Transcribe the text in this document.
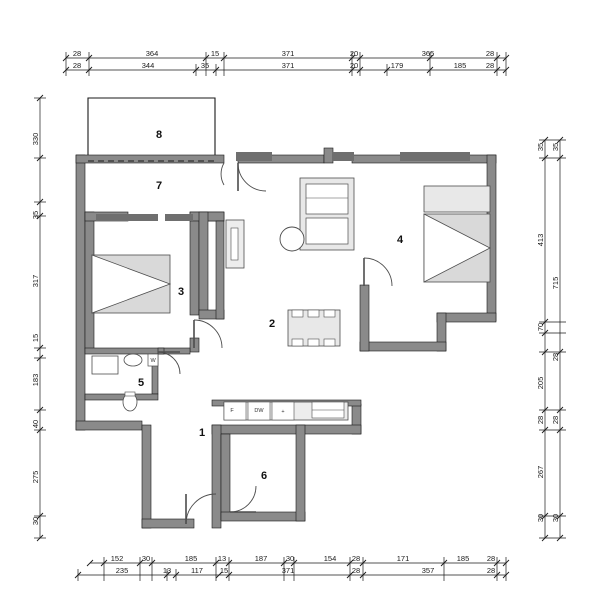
W
1
2
3
4
5
6
7
8
F	DW	+
28	364	15	371	20	365	28
28	344	35	371	20	179	185	28
152 30	185	13	187 30	154 28	171	185 28
235	13	117 15	371	28	357	28
330
35
317
15
183
40
275
30
35
715
28
28
30
35
413
70
205
28
267
30
